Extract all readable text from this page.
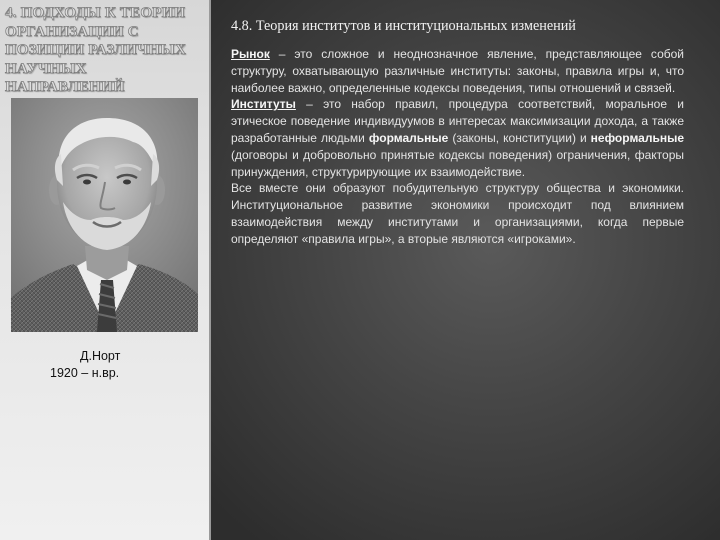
4. ПОДХОДЫ К ТЕОРИИ ОРГАНИЗАЦИИ С ПОЗИЦИИ РАЗЛИЧНЫХ НАУЧНЫХ НАПРАВЛЕНИЙ
Д.Норт
1920 – н.вр.
4.8. Теория институтов и институциональных изменений

Рынок – это сложное и неоднозначное явление, представляющее собой структуру, охватывающую различные институты: законы, правила игры и, что наиболее важно, определенные кодексы поведения, типы отношений и связей.

Институты – это набор правил, процедура соответствий, моральное и этическое поведение индивидуумов в интересах максимизации дохода, а также разработанные людьми формальные (законы, конституции) и неформальные (договоры и добровольно принятые кодексы поведения) ограничения, факторы принуждения, структурирующие их взаимодействие.

Все вместе они образуют побудительную структуру общества и экономики. Институциональное развитие экономики происходит под влиянием взаимодействия между институтами и организациями, когда первые определяют «правила игры», а вторые являются «игроками».
